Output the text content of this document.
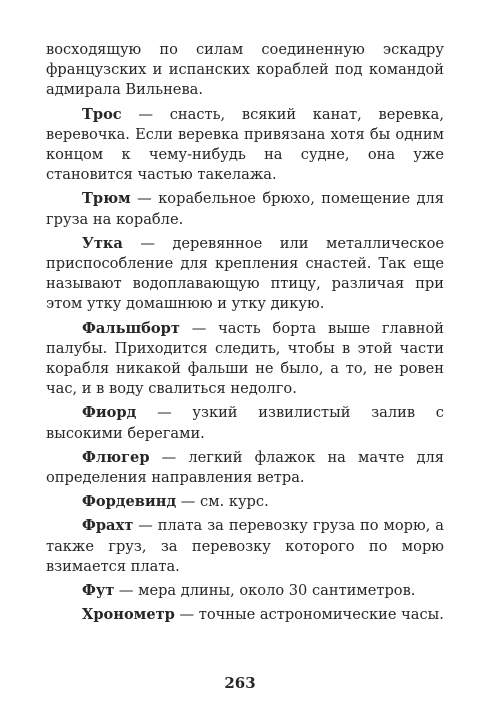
восходящую по силам соединенную эскадру французских и испанских кораблей под командой адмирала Вильнева.

Трос — снасть, всякий канат, веревка, веревочка. Если веревка привязана хотя бы одним концом к чему-нибудь на судне, она уже становится частью такелажа.

Трюм — корабельное брюхо, помещение для груза на корабле.

Утка — деревянное или металлическое приспособление для крепления снастей. Так еще называют водоплавающую птицу, различая при этом утку домашнюю и утку дикую.

Фальшборт — часть борта выше главной палубы. Приходится следить, чтобы в этой части корабля никакой фальши не было, а то, не ровен час, и в воду свалиться недолго.

Фиорд — узкий извилистый залив с высокими берегами.

Флюгер — легкий флажок на мачте для определения направления ветра.

Фордевинд — см. курс.

Фрахт — плата за перевозку груза по морю, а также груз, за перевозку которого по морю взимается плата.

Фут — мера длины, около 30 сантиметров.

Хронометр — точные астрономические часы.

263
